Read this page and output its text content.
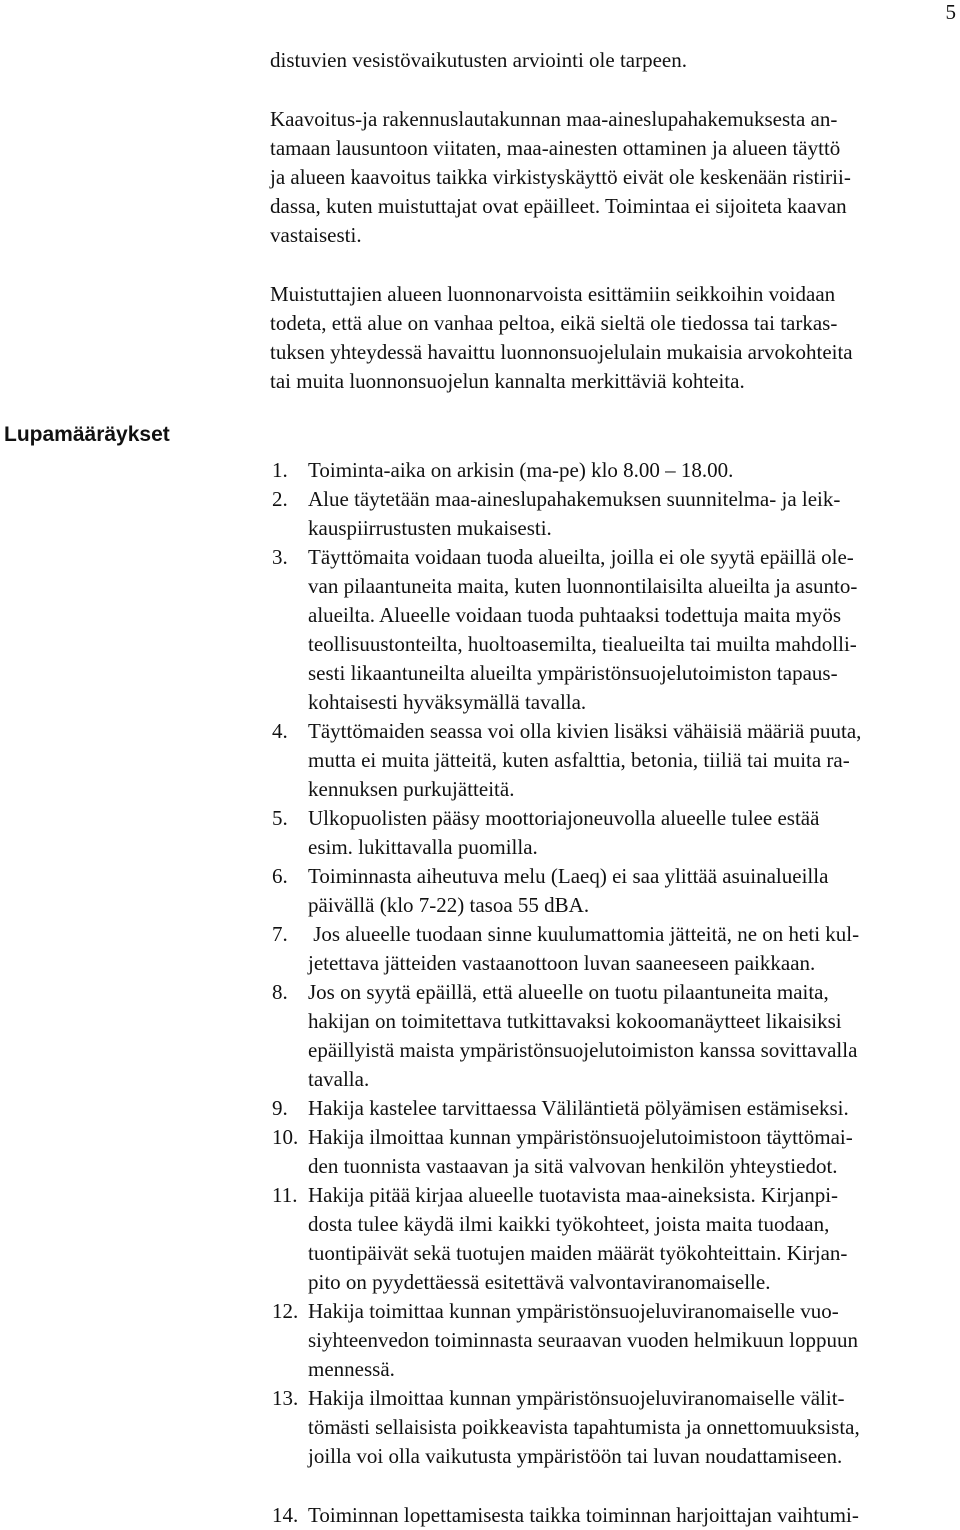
5
Lupamääräykset

distuvien vesistövaikutusten arviointi ole tarpeen.

Kaavoitus-ja rakennuslautakunnan maa-aineslupahakemuksesta an-
tamaan lausuntoon viitaten, maa-ainesten ottaminen ja alueen täyttö
ja alueen kaavoitus taikka virkistyskäyttö eivät ole keskenään ristirii-
dassa, kuten muistuttajat ovat epäilleet. Toimintaa ei sijoiteta kaavan
vastaisesti.

Muistuttajien alueen luonnonarvoista esittämiin seikkoihin voidaan
todeta, että alue on vanhaa peltoa, eikä sieltä ole tiedossa tai tarkas-
tuksen yhteydessä havaittu luonnonsuojelulain mukaisia arvokohteita
tai muita luonnonsuojelun kannalta merkittäviä kohteita.

1. Toiminta-aika on arkisin (ma-pe) klo 8.00 – 18.00.
2. Alue täytetään maa-aineslupahakemuksen suunnitelma- ja leik-
kauspiirrustusten mukaisesti.
3. Täyttömaita voidaan tuoda alueilta, joilla ei ole syytä epäillä ole-
van pilaantuneita maita, kuten luonnontilaisilta alueilta ja asunto-
alueilta. Alueelle voidaan tuoda puhtaaksi todettuja maita myös
teollisuustonteilta, huoltoasemilta, tiealueilta tai muilta mahdolli-
sesti likaantuneilta alueilta ympäristönsuojelutoimiston tapaus-
kohtaisesti hyväksymällä tavalla.
4. Täyttömaiden seassa voi olla kivien lisäksi vähäisiä määriä puuta,
mutta ei muita jätteitä, kuten asfalttia, betonia, tiiliä tai muita ra-
kennuksen purkujätteitä.
5. Ulkopuolisten pääsy moottoriajoneuvolla alueelle tulee estää
esim. lukittavalla puomilla.
6. Toiminnasta aiheutuva melu (Laeq) ei saa ylittää asuinalueilla
päivällä (klo 7-22) tasoa 55 dBA.
7. Jos alueelle tuodaan sinne kuulumattomia jätteitä, ne on heti kul-
jetettava jätteiden vastaanottoon luvan saaneeseen paikkaan.
8. Jos on syytä epäillä, että alueelle on tuotu pilaantuneita maita,
hakijan on toimitettava tutkittavaksi kokoomanäytteet likaisiksi
epäillyistä maista ympäristönsuojelutoimiston kanssa sovittavalla
tavalla.
9. Hakija kastelee tarvittaessa Väliläntietä pölyämisen estämiseksi.
10. Hakija ilmoittaa kunnan ympäristönsuojelutoimistoon täyttömai-
den tuonnista vastaavan ja sitä valvovan henkilön yhteystiedot.
11. Hakija pitää kirjaa alueelle tuotavista maa-aineksista. Kirjanpi-
dosta tulee käydä ilmi kaikki työkohteet, joista maita tuodaan,
tuontipäivät sekä tuotujen maiden määrät työkohteittain. Kirjan-
pito on pyydettäessä esitettävä valvontaviranomaiselle.
12. Hakija toimittaa kunnan ympäristönsuojeluviranomaiselle vuo-
siyhteenvedon toiminnasta seuraavan vuoden helmikuun loppuun
mennessä.
13. Hakija ilmoittaa kunnan ympäristönsuojeluviranomaiselle välit-
tömästi sellaisista poikkeavista tapahtumista ja onnettomuuksista,
joilla voi olla vaikutusta ympäristöön tai luvan noudattamiseen.
14. Toiminnan lopettamisesta taikka toiminnan harjoittajan vaihtumi-
